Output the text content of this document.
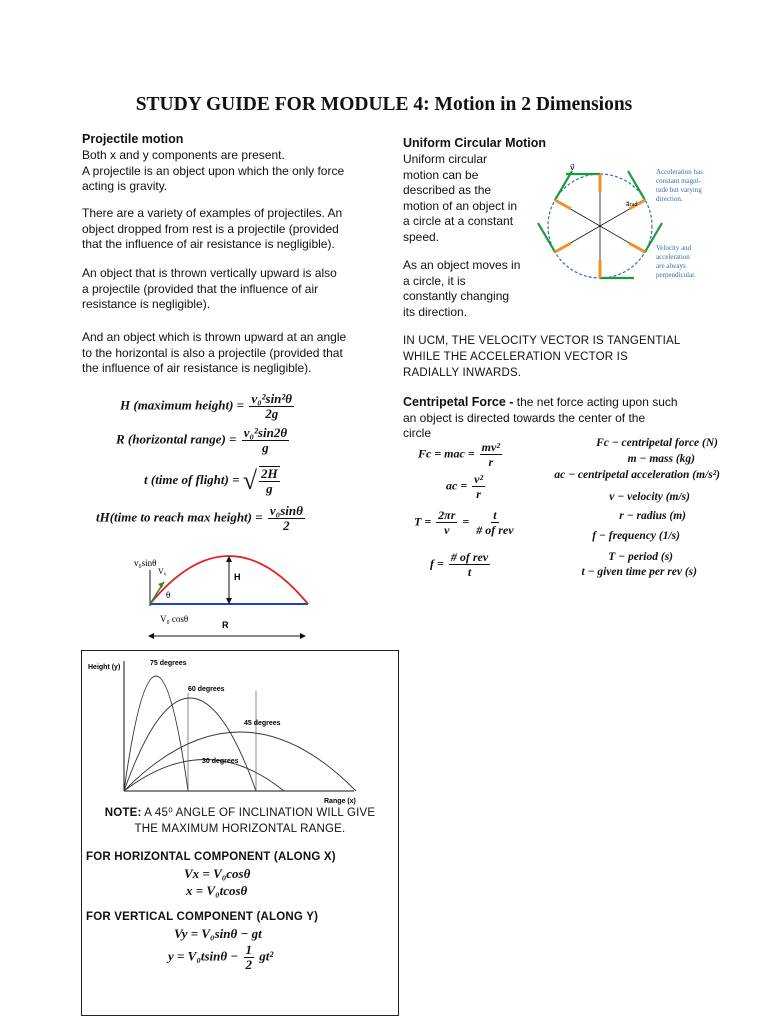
STUDY GUIDE FOR MODULE 4: Motion in 2 Dimensions
Projectile motion
Both x and y components are present.
A projectile is an object upon which the only force
acting is gravity.
There are a variety of examples of projectiles. An
object dropped from rest is a projectile (provided
that the influence of air resistance is negligible).
An object that is thrown vertically upward is also
a projectile (provided that the influence of air
resistance is negligible).
And an object which is thrown upward at an angle
to the horizontal is also a projectile (provided that
the influence of air resistance is negligible).
H (maximum height) = $\frac{\text{v₀²sin²θ}}{2g}$
R (horizontal range) = $\frac{\text{v₀²sin2θ}}{g}$
t (time of flight) = √ $\frac{2H}{g}$
tH(time to reach max height) = $\frac{\text{v₀sinθ}}{2}$
v₀sinθ
V₀
θ
H
V₀ cosθ
R
Height (y)
Range (x)
75 degrees
60 degrees
45 degrees
30 degrees
NOTE: A 45⁰ ANGLE OF INCLINATION WILL GIVE
THE MAXIMUM HORIZONTAL RANGE.
FOR HORIZONTAL COMPONENT (ALONG X)
Vx = V₀cosθ
x = V₀tcosθ
FOR VERTICAL COMPONENT (ALONG Y)
Vy = V₀sinθ − gt
$y = V_0tsin\theta - \frac{1}{2} gt^2$
Uniform Circular Motion
Uniform circular
motion can be
described as the
motion of an object in
a circle at a constant
speed.
As an object moves in
a circle, it is
constantly changing
its direction.
v⃗
a⃗rad
Acceleration has constant magni- tude but varying direction.
Velocity and acceleration are always perpendicular.
IN UCM, THE VELOCITY VECTOR IS TANGENTIAL
WHILE THE ACCELERATION VECTOR IS
RADIALLY INWARDS.
Centripetal Force - the net force acting upon such
an object is directed towards the center of the
circle
Fc = mac = $\frac{\text{mv²}}{r}$
ac = $\frac{\text{v²}}{r}$
$T = \frac{2\pi r}{v} = \frac{t}{\text{\# of rev}}$
$f = \frac{\text{\# of rev}}{t}$
Fc − centripetal force (N)
m − mass (kg)
ac − centripetal acceleration (m/s²)
v − velocity (m/s)
r − radius (m)
f − frequency (1/s)
T − period (s)
t − given time per rev (s)
